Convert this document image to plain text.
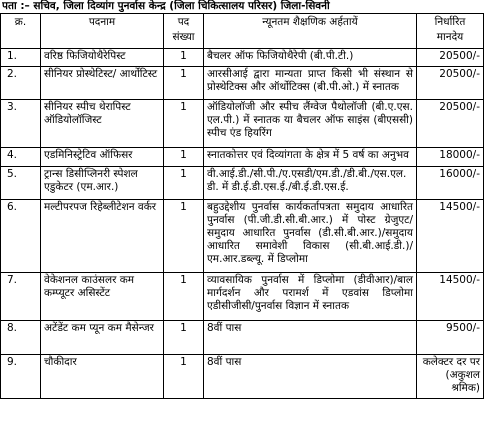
पता :– सचिव, जिला दिव्यांग पुनर्वास केन्द्र (जिला चिकित्सालय परिसर) जिला-सिवनी
क्र.	पदनाम	पद संख्या	न्यूनतम शैक्षणिक अर्हतायें	निर्धारित मानदेय
1.	वरिष्ठ फिजियोथैरेपिस्ट	1	बैचलर ऑफ फिजियोथैरेपी (बी.पी.टी.)	20500/-
2.	सीनियर प्रोस्थेटिस्ट/ आर्थोटिस्ट	1	आरसीआई द्वारा मान्यता प्राप्त किसी भी संस्थान से प्रोस्थेटिक्स और ऑर्थोटिक्स (बी.पी.ओ.) में स्नातक	20500/-
3.	सीनियर स्पीच थेरापिस्ट ऑडियोलॉजिस्ट	1	ऑडियोलॉजी और स्पीच लैंग्वेज पैथोलॉजी (बी.ए.एस. एल.पी.) में स्नातक या बैचलर ऑफ साइंस (बीएससी) स्पीच एंड हियरिंग	20500/-
4.	एडमिनिस्ट्रेटिव ऑफिसर	1	स्नातकोत्तर एवं दिव्यांगता के क्षेत्र में 5 वर्ष का अनुभव	18000/-
5.	ट्रान्स डिसीप्लिनरी स्पेशल एडुकेटर (एम.आर.)	1	वी.आई.डी./सी.पी./ए.एसडी/एम.डी./डी.बी./एस.एल. डी. में डी.ई.डी.एस.ई./बी.ई.डी.एस.ई.	16000/-
6.	मल्टीपरपज रिहेब्लीटेशन वर्कर	1	बहुउद्देशीय पुनर्वास कार्यकर्तापत्रता समुदाय आधारित पुनर्वास (पी.जी.डी.सी.बी.आर.) में पोस्ट ग्रेजुएट/समुदाय आधारित पुनर्वास (डी.सी.बी.आर.)/समुदाय आधारित समावेशी विकास (सी.बी.आई.डी.)/एम.आर.डब्ल्यू. में डिप्लोमा	14500/-
7.	वेकेशनल काउंसलर कम कम्प्यूटर असिस्टेंट	1	व्यावसायिक पुनर्वास में डिप्लोमा (डीवीआर)/बाल मार्गदर्शन और परामर्श में एडवांस डिप्लोमा एडीसीजीसी/पुनर्वास विज्ञान में स्नातक	14500/-
8.	अटेंडेंट कम प्यून कम मैसेन्जर	1	8वीं पास	9500/-
9.	चौकीदार	1	8वीं पास	कलेक्टर दर पर (अकुशल श्रमिक)
